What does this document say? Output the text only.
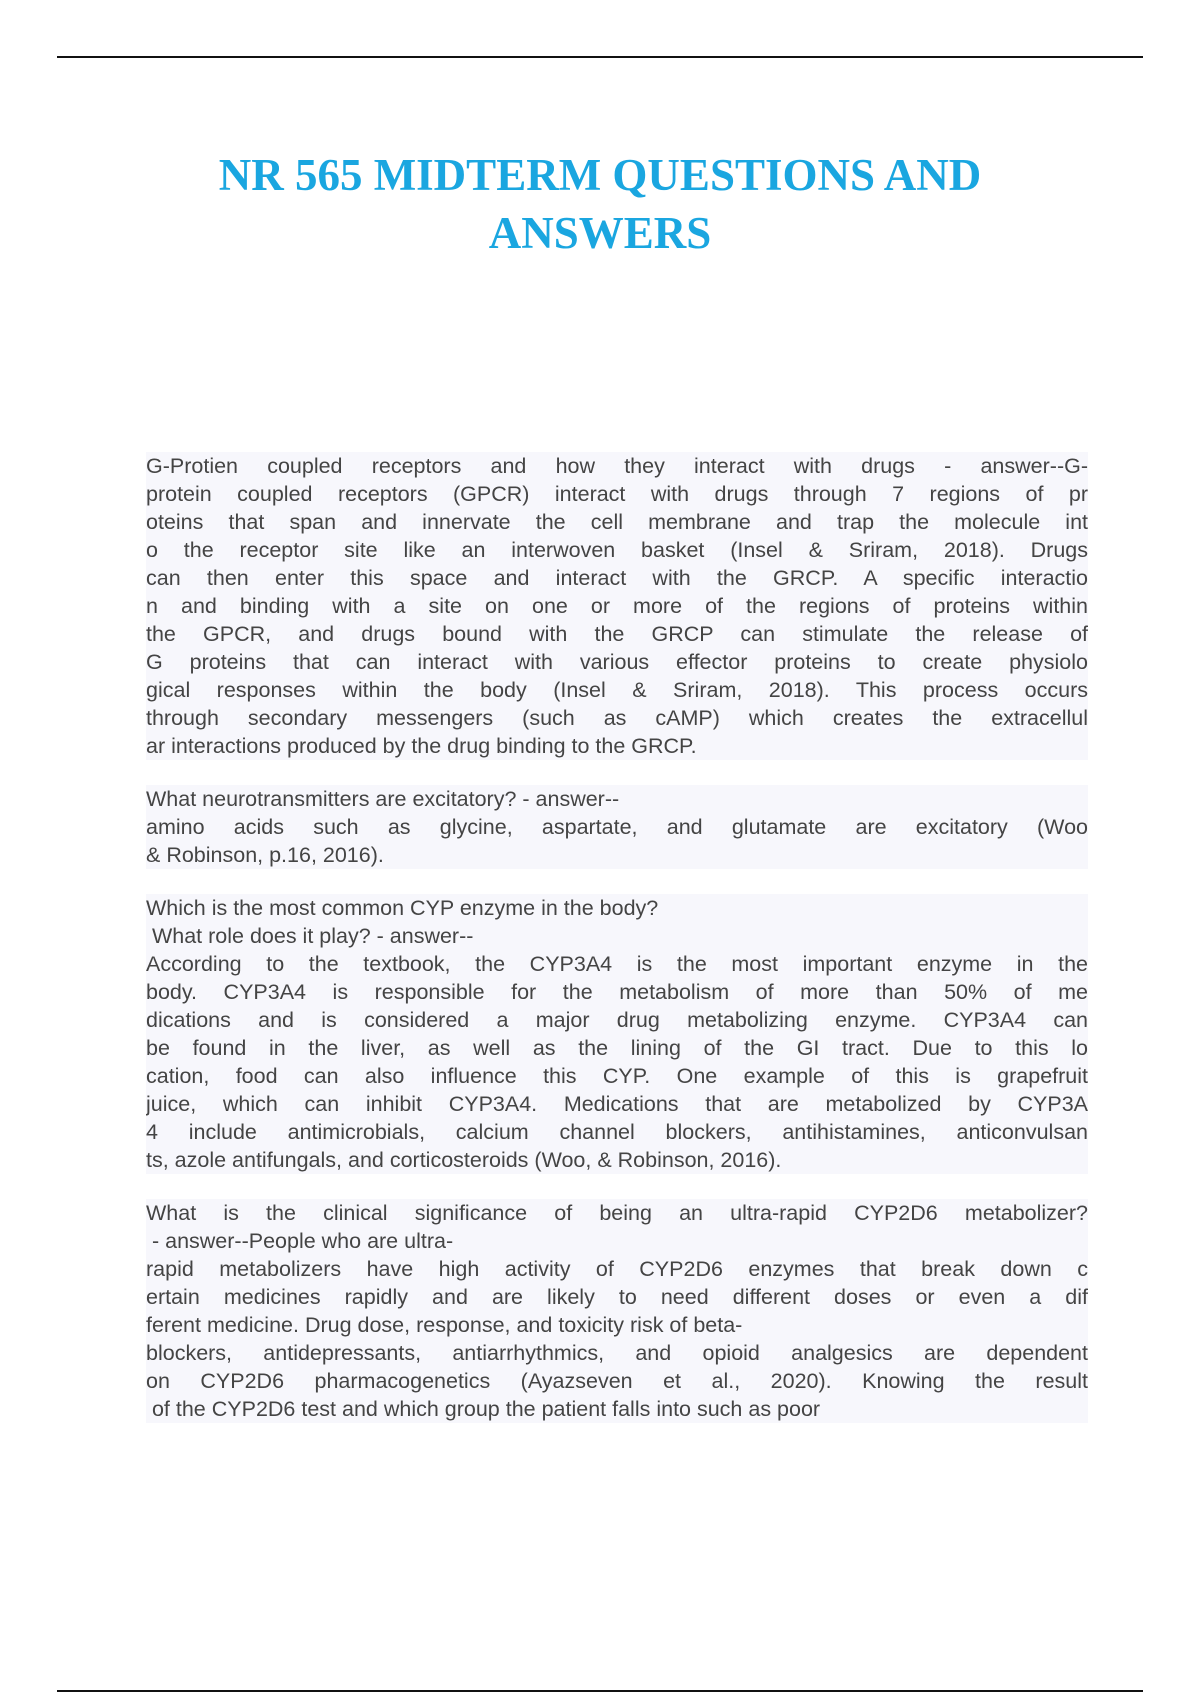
NR 565 MIDTERM QUESTIONS AND
ANSWERS
G-Protien coupled receptors and how they interact with drugs - answer--G-
protein coupled receptors (GPCR) interact with drugs through 7 regions of pr
oteins that span and innervate the cell membrane and trap the molecule int
o the receptor site like an interwoven basket (Insel & Sriram, 2018). Drugs
can then enter this space and interact with the GRCP. A specific interactio
n and binding with a site on one or more of the regions of proteins within
the GPCR, and drugs bound with the GRCP can stimulate the release of
G proteins that can interact with various effector proteins to create physiolo
gical responses within the body (Insel & Sriram, 2018). This process occurs
through secondary messengers (such as cAMP) which creates the extracellul
ar interactions produced by the drug binding to the GRCP.
What neurotransmitters are excitatory? - answer--
amino acids such as glycine, aspartate, and glutamate are excitatory (Woo
& Robinson, p.16, 2016).
Which is the most common CYP enzyme in the body?
What role does it play? - answer--
According to the textbook, the CYP3A4 is the most important enzyme in the
body. CYP3A4 is responsible for the metabolism of more than 50% of me
dications and is considered a major drug metabolizing enzyme. CYP3A4 can
be found in the liver, as well as the lining of the GI tract. Due to this lo
cation, food can also influence this CYP. One example of this is grapefruit
juice, which can inhibit CYP3A4. Medications that are metabolized by CYP3A
4 include antimicrobials, calcium channel blockers, antihistamines, anticonvulsan
ts, azole antifungals, and corticosteroids (Woo, & Robinson, 2016).
What is the clinical significance of being an ultra-rapid CYP2D6 metabolizer?
- answer--People who are ultra-
rapid metabolizers have high activity of CYP2D6 enzymes that break down c
ertain medicines rapidly and are likely to need different doses or even a dif
ferent medicine. Drug dose, response, and toxicity risk of beta-
blockers, antidepressants, antiarrhythmics, and opioid analgesics are dependent
on CYP2D6 pharmacogenetics (Ayazseven et al., 2020). Knowing the result
of the CYP2D6 test and which group the patient falls into such as poor
